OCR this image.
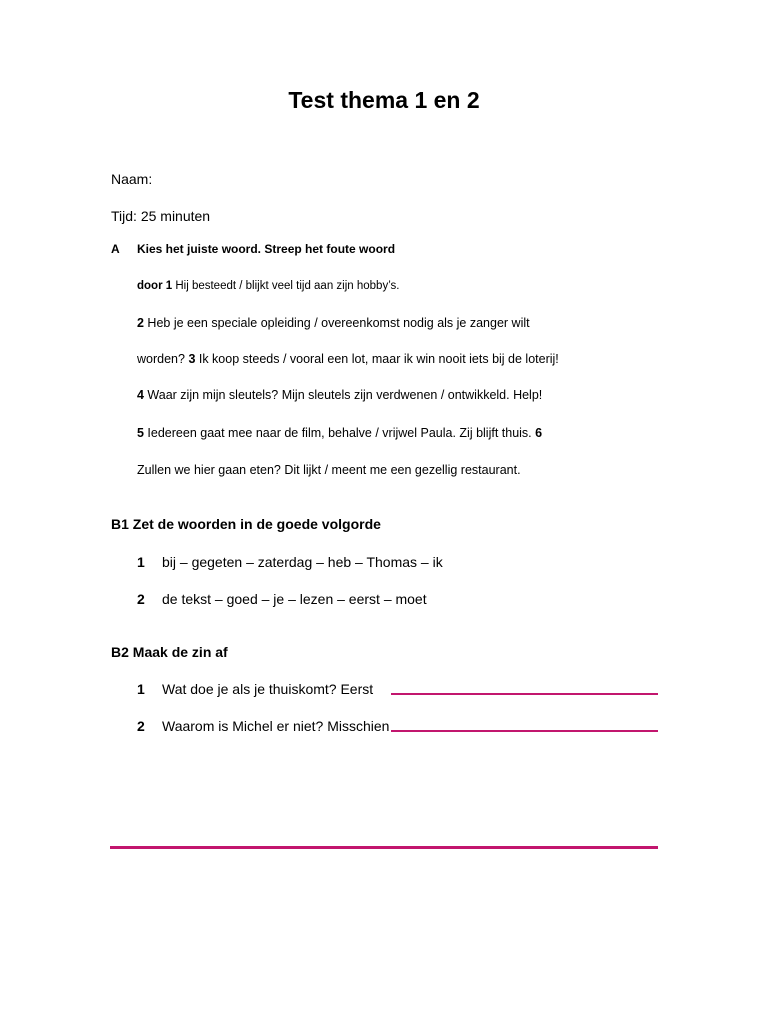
Test thema 1 en 2
Naam:
Tijd: 25 minuten
A Kies het juiste woord. Streep het foute woord
door 1 Hij besteedt / blijkt veel tijd aan zijn hobby’s.
2 Heb je een speciale opleiding / overeenkomst nodig als je zanger wilt
worden? 3 Ik koop steeds / vooral een lot, maar ik win nooit iets bij de loterij!
4 Waar zijn mijn sleutels? Mijn sleutels zijn verdwenen / ontwikkeld. Help!
5 Iedereen gaat mee naar de film, behalve / vrijwel Paula. Zij blijft thuis. 6
Zullen we hier gaan eten? Dit lijkt / meent me een gezellig restaurant.
B1 Zet de woorden in de goede volgorde
1 bij – gegeten – zaterdag – heb – Thomas – ik
2 de tekst – goed – je – lezen – eerst – moet
B2 Maak de zin af
1 Wat doe je als je thuiskomt? Eerst
2 Waarom is Michel er niet? Misschien
